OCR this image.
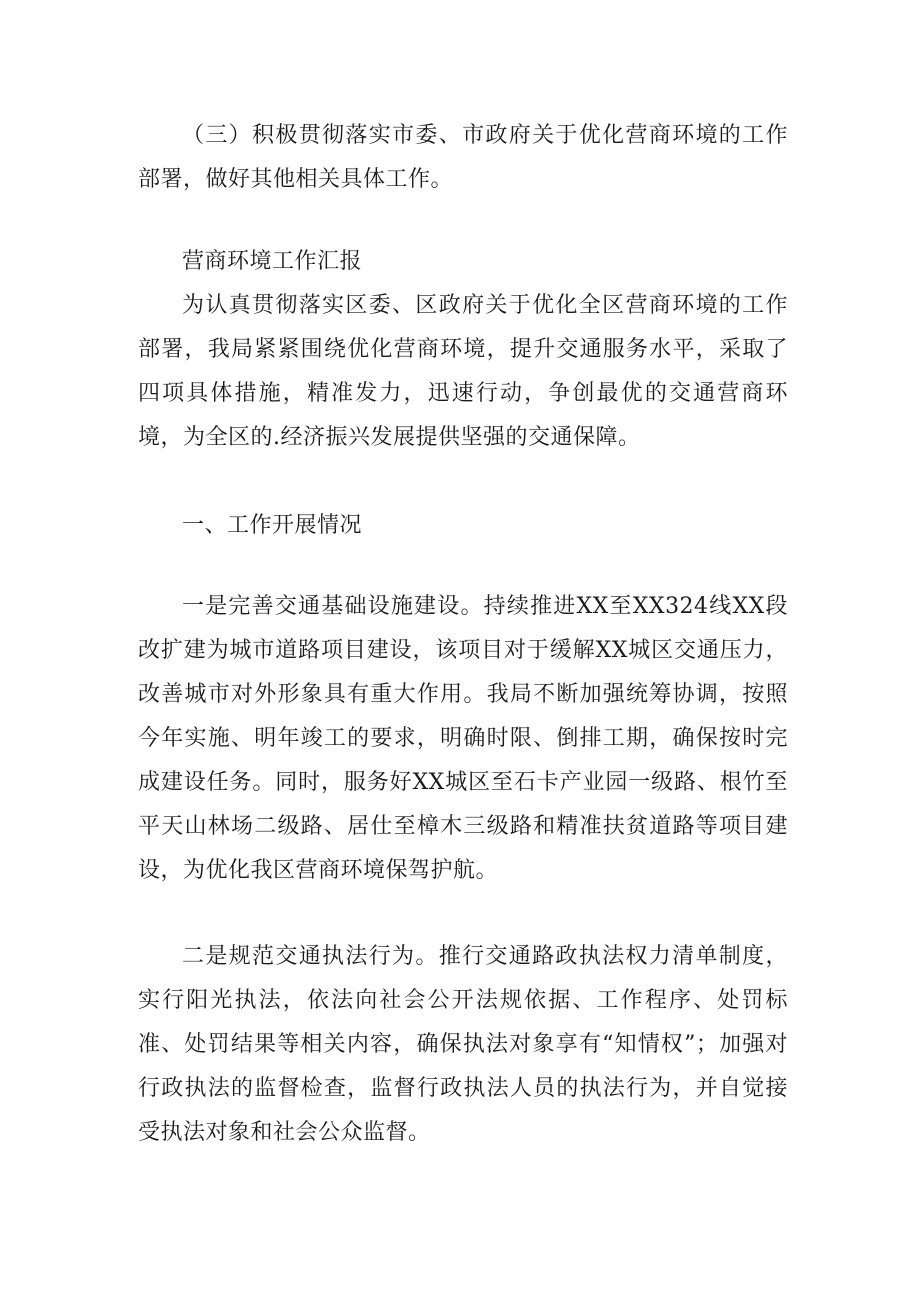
（三）积极贯彻落实市委、市政府关于优化营商环境的工作部署，做好其他相关具体工作。

营商环境工作汇报

为认真贯彻落实区委、区政府关于优化全区营商环境的工作部署，我局紧紧围绕优化营商环境，提升交通服务水平，采取了四项具体措施，精准发力，迅速行动，争创最优的交通营商环境，为全区的.经济振兴发展提供坚强的交通保障。

一、工作开展情况

一是完善交通基础设施建设。持续推进XX至XX324线XX段改扩建为城市道路项目建设，该项目对于缓解XX城区交通压力，改善城市对外形象具有重大作用。我局不断加强统筹协调，按照今年实施、明年竣工的要求，明确时限、倒排工期，确保按时完成建设任务。同时，服务好XX城区至石卡产业园一级路、根竹至平天山林场二级路、居仕至樟木三级路和精准扶贫道路等项目建设，为优化我区营商环境保驾护航。

二是规范交通执法行为。推行交通路政执法权力清单制度，实行阳光执法，依法向社会公开法规依据、工作程序、处罚标准、处罚结果等相关内容，确保执法对象享有“知情权”；加强对行政执法的监督检查，监督行政执法人员的执法行为，并自觉接受执法对象和社会公众监督。
